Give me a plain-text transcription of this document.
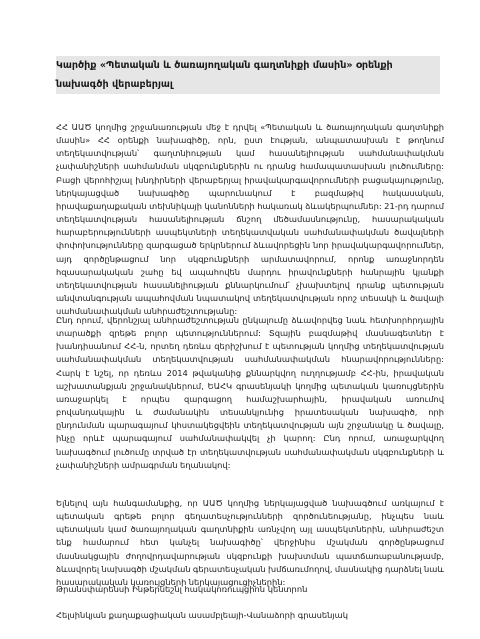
Կարծիք «Պետական և ծառայողական գաղտնիքի մասին» օրենքի նախագծի վերաբերյալ

ՀՀ ԱԱԾ կողմից շրջանառության մեջ է դրվել «Պետական և ծառայողական գաղտնիքի մասին» ՀՀ օրենքի նախագիծը, որն, ըստ էության, անպատասխան է թողնում տեղեկատվության՝ գաղտնիության կամ հասանելիության սահմանափակման չափանիշների սահմանման սկզբունքներին ու դրանց համապատասխան լուծումները: Բացի վերոհիշյալ խնդիրների վերաբերյալ իրավակարգավորումների բացակայությունը, ներկայացված նախագիծը պարունակում է բազմաթիվ հակասական, իրավաքաղաքական տեխնիկայի կանոնների հակառակ ձևակերպումներ: 21-րդ դարում տեղեկատվության հասանելիության ճնշող մեծամասնությունը, հասարակական հարաբերությունների ասպեկտների տեղեկատվական սահմանափակման ծավալների փոփոխությունները զարգացած երկրներում ձևավորեցին նոր իրավակարգավորումներ, այդ զործընթացում նոր սկզբունքների արմատավորում, որոնք առաջնորդեն հզասարակական շահը եվ ապահովեն մարդու իրավունքների հանրային կյանքի տեղեկատվության հասանելիության քննարկումում՝ չխախտելով դրանք պետության անվտանգության ապահովման նպատակով տեղեկատվության որոշ տեսակի և ծավալի սահմանափակման անհրաժեշտությանը:

Ընդ որում, վերոնշյալ անհրաժեշտության ընկալումը ձևավորվեց նաև հետխորհրդային տարածքի զրեթե բոլոր պետություններում: Տզային բազմաթիվ մասնագետներ է խանդիսանում ՀՀ-ն, որտեղ դեռևս զերիշխում է պետության կողմից տեղեկատվության սահմանափակման տեղեկատվության սահմանափակման հնարավորությունները: Հարկ է նշել, որ դեռևս 2014 թվականից քննարկվող ուղղությամբ ՀՀ-ին, իրավական աշխատանքյան շրջանակներում, ԵԱՀԿ գրասենյակի կողմից պետական կառույցներին առաջարկել է որպես զարգացող համաշխարհային, իրավական առումով բովանդակային և ժամանակին տեսանկյունից իրատեսական նախագիծ, որի ընդունման պարագայում կհստակեցվեին տեղեկատվության այն շրջանակը և ծավալը, ինչը որևէ պարագայում սահմանափակվել չի կարող: Ընդ որում, առաջարկվող նախագծում լուծումը տրված էր տեղեկատվության սահմանափակման սկզբունքների և չափանիշների ամրագրման եղանակով:

Ելնելով այն հանգամանքից, որ ԱԱԾ կողմից ներկայացված նախագծում առկայում է պետական գրեթե բոլոր գեղատեսչությունների զործունեությանը, ինչպես նաև պետական կամ ծառայողական գաղտնիքին առնչվող այլ ասպեկտներին, անհրաժեշտ ենք համարում հետ կանչել նախագիծը՝ վերջինիս մշակման գործընթացում մասնակցային ժողովրդավարության սկզբունքի խախտման պատճառաբանությամբ, ձևավորել նախագծի մշակման գերատեսչական խմճառւմողով, մասնակից դարձնել նաև հասարակական կառույցների ներկայացուցիչներին:

Թրանսփարենսի Ինթերնեշնլ հակակոռուպցիոն կենտրոն
Հելսինկյան քաղաքացիական ասամբլեայի-Վանաձորի գրասենյակ
